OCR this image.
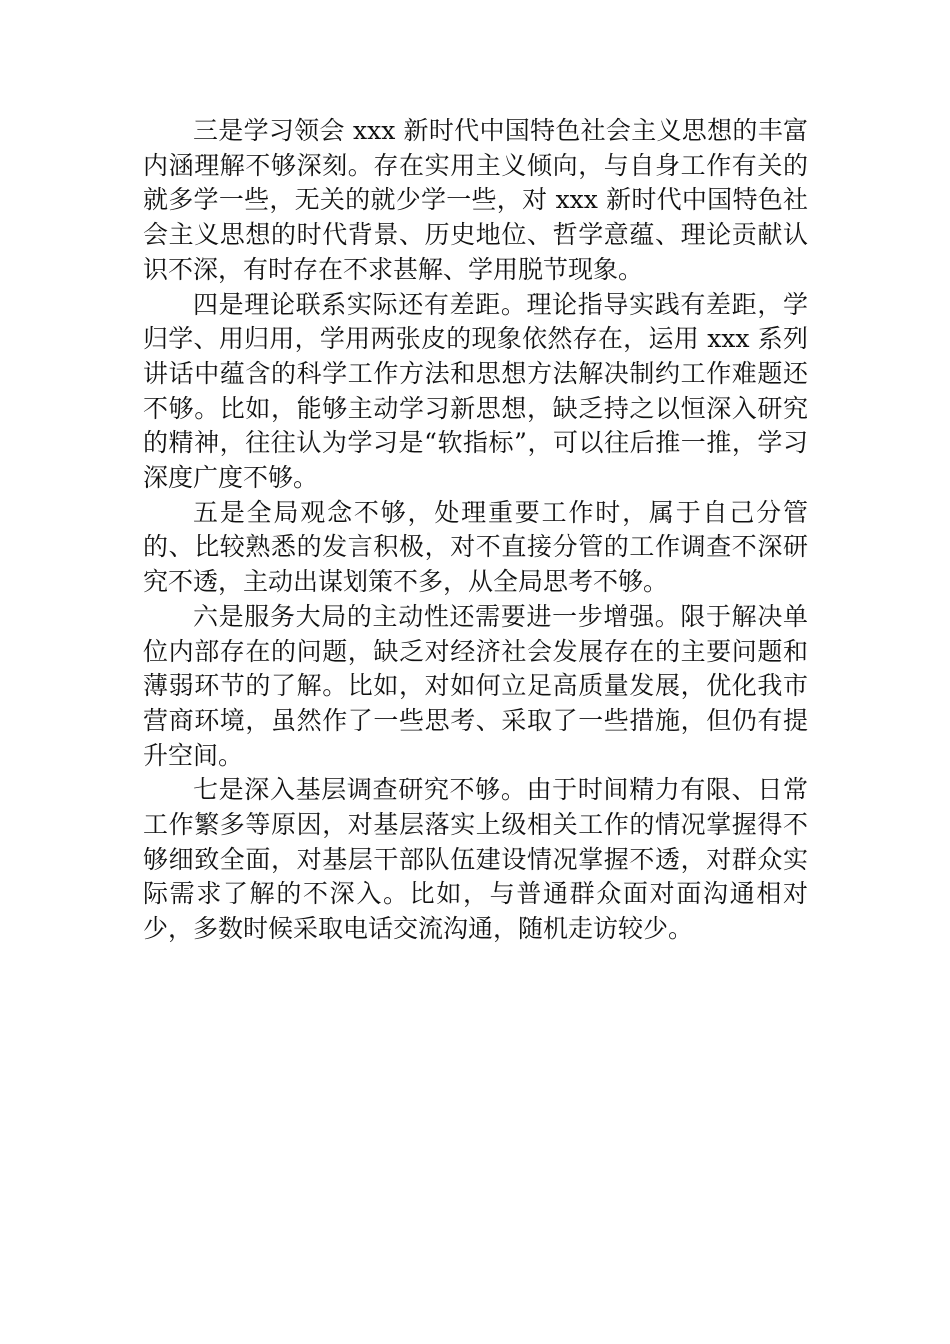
三是学习领会 xxx 新时代中国特色社会主义思想的丰富内涵理解不够深刻。存在实用主义倾向，与自身工作有关的就多学一些，无关的就少学一些，对 xxx 新时代中国特色社会主义思想的时代背景、历史地位、哲学意蕴、理论贡献认识不深，有时存在不求甚解、学用脱节现象。

四是理论联系实际还有差距。理论指导实践有差距，学归学、用归用，学用两张皮的现象依然存在，运用 xxx 系列讲话中蕴含的科学工作方法和思想方法解决制约工作难题还不够。比如，能够主动学习新思想，缺乏持之以恒深入研究的精神，往往认为学习是“软指标”，可以往后推一推，学习深度广度不够。

五是全局观念不够，处理重要工作时，属于自己分管的、比较熟悉的发言积极，对不直接分管的工作调查不深研究不透，主动出谋划策不多，从全局思考不够。

六是服务大局的主动性还需要进一步增强。限于解决单位内部存在的问题，缺乏对经济社会发展存在的主要问题和薄弱环节的了解。比如，对如何立足高质量发展，优化我市营商环境，虽然作了一些思考、采取了一些措施，但仍有提升空间。

七是深入基层调查研究不够。由于时间精力有限、日常工作繁多等原因，对基层落实上级相关工作的情况掌握得不够细致全面，对基层干部队伍建设情况掌握不透，对群众实际需求了解的不深入。比如，与普通群众面对面沟通相对少，多数时候采取电话交流沟通，随机走访较少。
